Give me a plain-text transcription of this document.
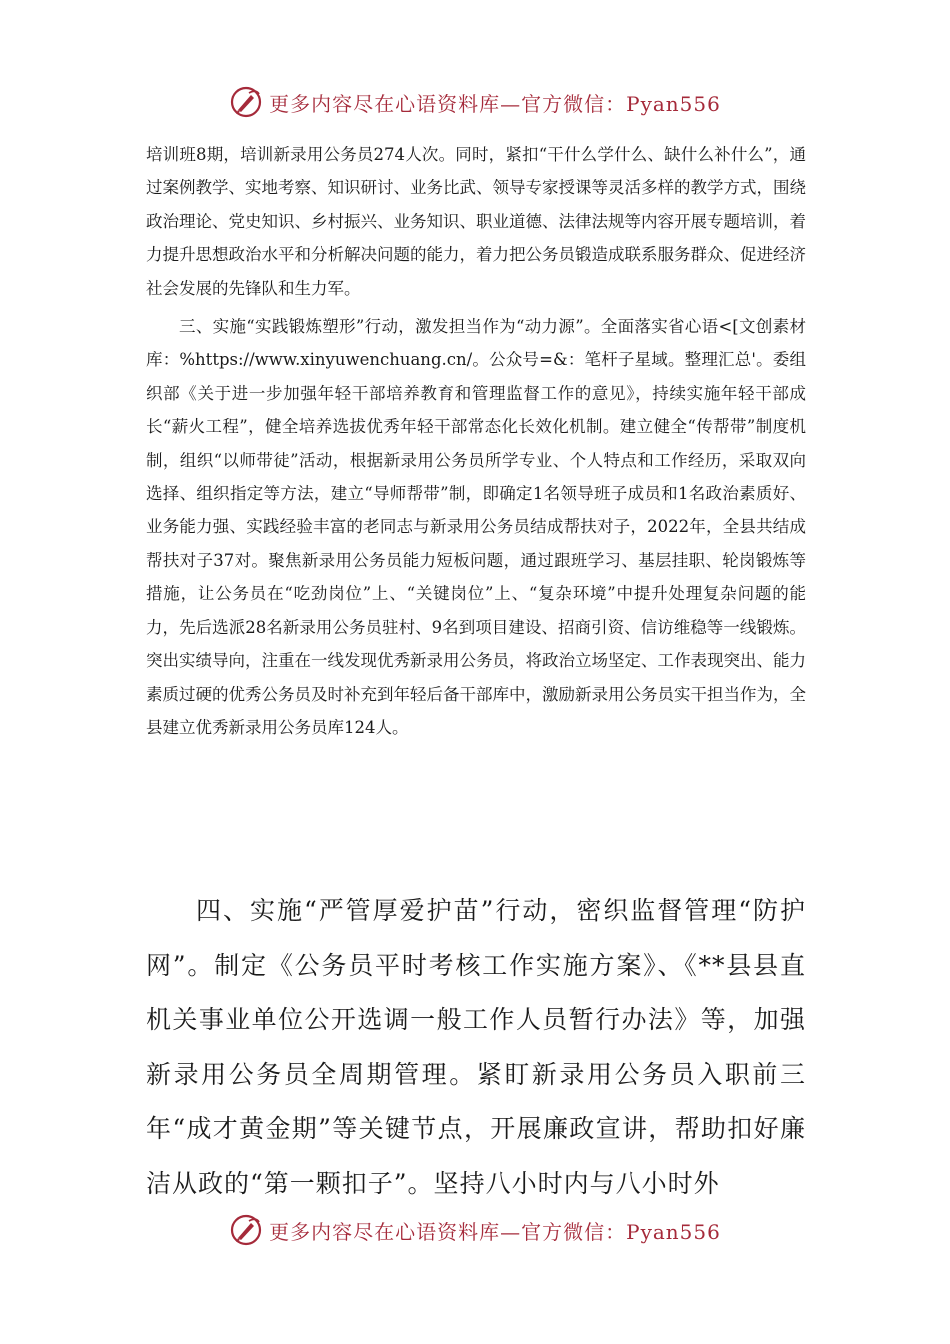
更多内容尽在心语资料库—官方微信：Pyan556

培训班8期，培训新录用公务员274人次。同时，紧扣“干什么学什么、缺什么补什么”，通过案例教学、实地考察、知识研讨、业务比武、领导专家授课等灵活多样的教学方式，围绕政治理论、党史知识、乡村振兴、业务知识、职业道德、法律法规等内容开展专题培训，着力提升思想政治水平和分析解决问题的能力，着力把公务员锻造成联系服务群众、促进经济社会发展的先锋队和生力军。

三、实施“实践锻炼塑形”行动，激发担当作为“动力源”。全面落实省心语<[文创素材库：%https://www.xinyuwenchuang.cn/。公众号=&：笔杆子星域。整理汇总'。委组织部《关于进一步加强年轻干部培养教育和管理监督工作的意见》，持续实施年轻干部成长“薪火工程”，健全培养选拔优秀年轻干部常态化长效化机制。建立健全“传帮带”制度机制，组织“以师带徒”活动，根据新录用公务员所学专业、个人特点和工作经历，采取双向选择、组织指定等方法，建立“导师帮带”制，即确定1名领导班子成员和1名政治素质好、业务能力强、实践经验丰富的老同志与新录用公务员结成帮扶对子，2022年，全县共结成帮扶对子37对。聚焦新录用公务员能力短板问题，通过跟班学习、基层挂职、轮岗锻炼等措施，让公务员在“吃劲岗位”上、“关键岗位”上、“复杂环境”中提升处理复杂问题的能力，先后选派28名新录用公务员驻村、9名到项目建设、招商引资、信访维稳等一线锻炼。突出实绩导向，注重在一线发现优秀新录用公务员，将政治立场坚定、工作表现突出、能力素质过硬的优秀公务员及时补充到年轻后备干部库中，激励新录用公务员实干担当作为，全县建立优秀新录用公务员库124人。

四、实施“严管厚爱护苗”行动，密织监督管理“防护网”。制定《公务员平时考核工作实施方案》、《**县县直机关事业单位公开选调一般工作人员暂行办法》等，加强新录用公务员全周期管理。紧盯新录用公务员入职前三年“成才黄金期”等关键节点，开展廉政宣讲，帮助扣好廉洁从政的“第一颗扣子”。坚持八小时内与八小时外

更多内容尽在心语资料库—官方微信：Pyan556
